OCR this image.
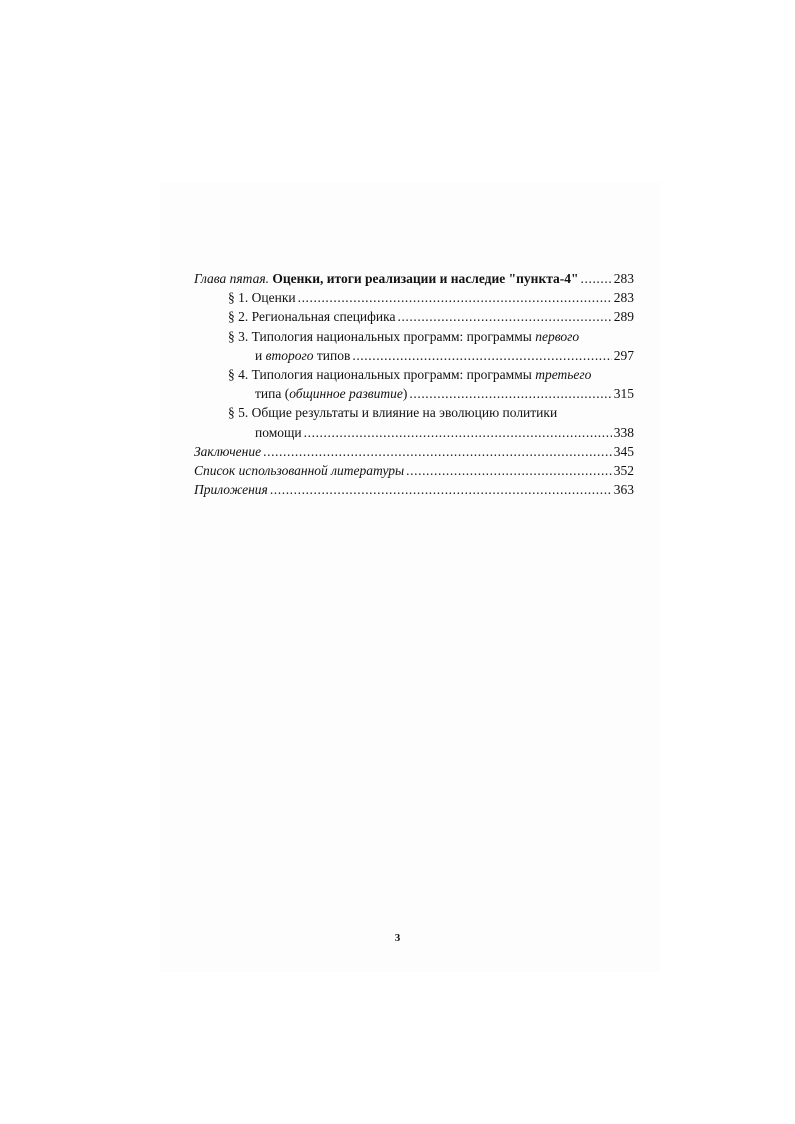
Глава пятая. Оценки, итоги реализации и наследие "пункта-4" .....	283
§ 1. Оценки .....	283
§ 2. Региональная специфика .....	289
§ 3. Типология национальных программ: программы первого
и второго типов .....	297
§ 4. Типология национальных программ: программы третьего
типа (общинное развитие) .....	315
§ 5. Общие результаты и влияние на эволюцию политики
помощи .....	338
Заключение .....	345
Список использованной литературы .....	352
Приложения .....	363
3
